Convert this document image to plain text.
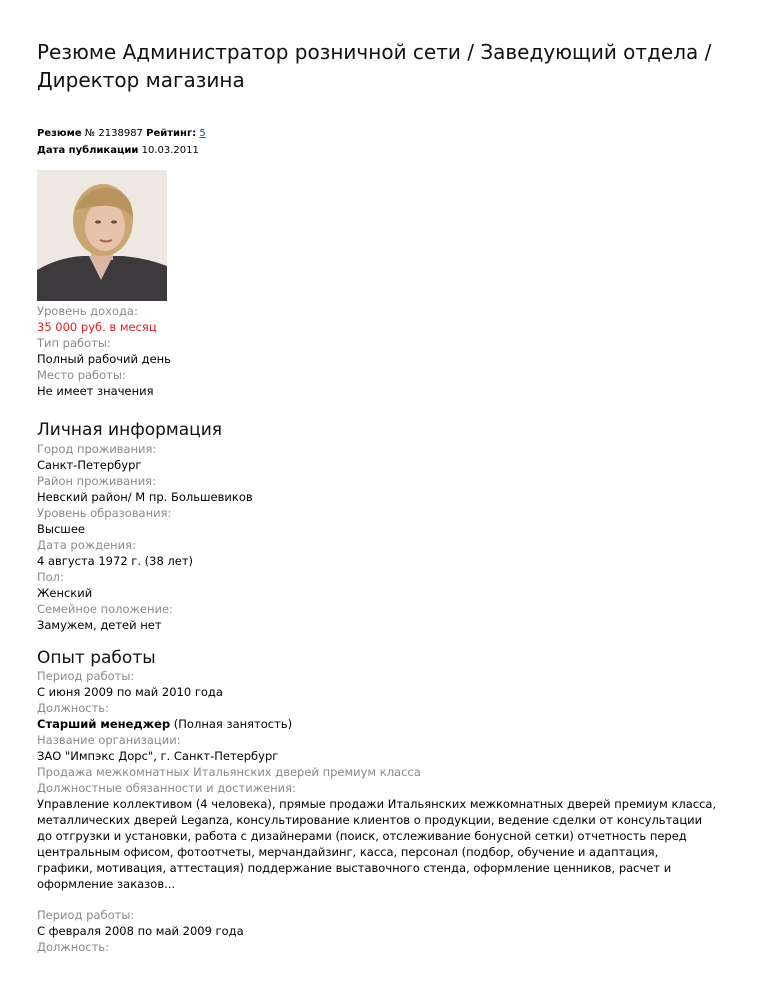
Резюме Администратор розничной сети / Заведующий отдела /Директор магазина
Резюме № 2138987 Рейтинг: 5
Дата публикации 10.03.2011
Уровень дохода:
35 000 руб. в месяц
Тип работы:
Полный рабочий день
Место работы:
Не имеет значения
Личная информация
Город проживания:
Санкт-Петербург
Район проживания:
Невский район/ М пр. Большевиков
Уровень образования:
Высшее
Дата рождения:
4 августа 1972 г. (38 лет)
Пол:
Женский
Семейное положение:
Замужем, детей нет
Опыт работы
Период работы:
С июня 2009 по май 2010 года
Должность:
Старший менеджер (Полная занятость)
Название организации:
ЗАО "Импэкс Дорс", г. Санкт-Петербург
Продажа межкомнатных Итальянских дверей премиум класса
Должностные обязанности и достижения:
Управление коллективом (4 человека), прямые продажи Итальянских межкомнатных дверей премиум класса, металлических дверей Leganza, консультирование клиентов о продукции, ведение сделки от консультации до отгрузки и установки, работа с дизайнерами (поиск, отслеживание бонусной сетки) отчетность перед центральным офисом, фотоотчеты, мерчандайзинг, касса, персонал (подбор, обучение и адаптация, графики, мотивация, аттестация) поддержание выставочного стенда, оформление ценников, расчет и оформление заказов...
Период работы:
С февраля 2008 по май 2009 года
Должность:
